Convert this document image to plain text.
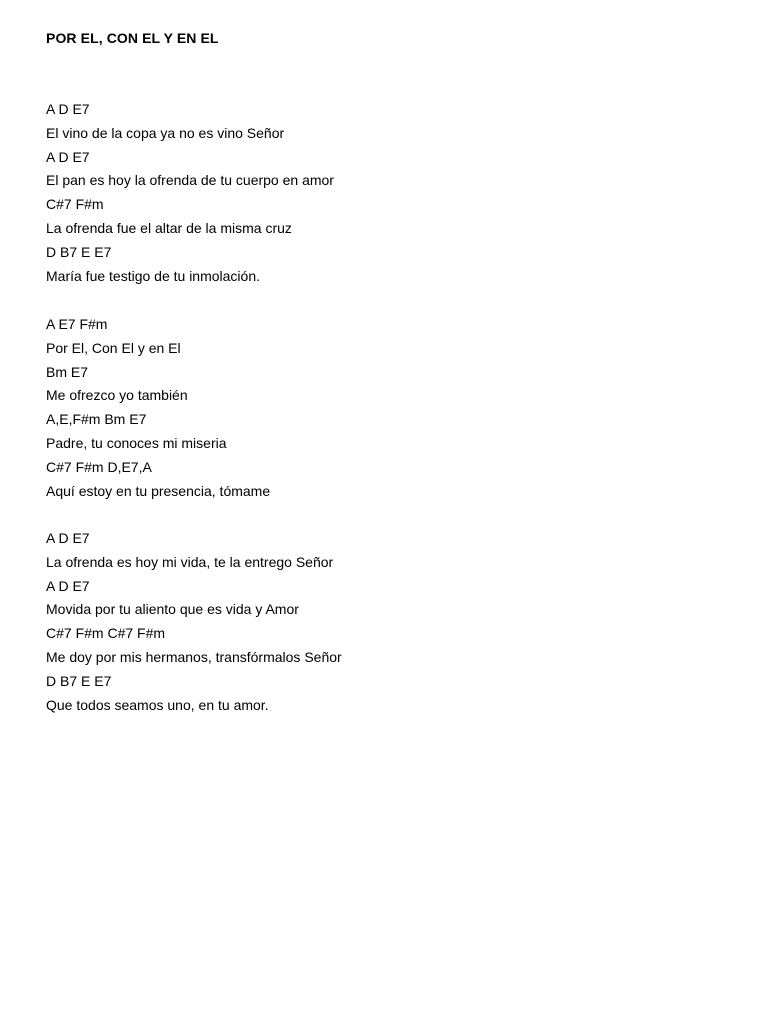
POR EL, CON EL Y EN EL
A D E7
El vino de la copa ya no es vino Señor
A D E7
El pan es hoy la ofrenda de tu cuerpo en amor
C#7 F#m
La ofrenda fue el altar de la misma cruz
D B7 E E7
María fue testigo de tu inmolación.
A E7 F#m
Por El, Con El y en El
Bm E7
Me ofrezco yo también
A,E,F#m Bm E7
Padre, tu conoces mi miseria
C#7 F#m D,E7,A
Aquí estoy en tu presencia, tómame
A D E7
La ofrenda es hoy mi vida, te la entrego Señor
A D E7
Movida por tu aliento que es vida y Amor
C#7 F#m C#7 F#m
Me doy por mis hermanos, transfórmalos Señor
D B7 E E7
Que todos seamos uno, en tu amor.
